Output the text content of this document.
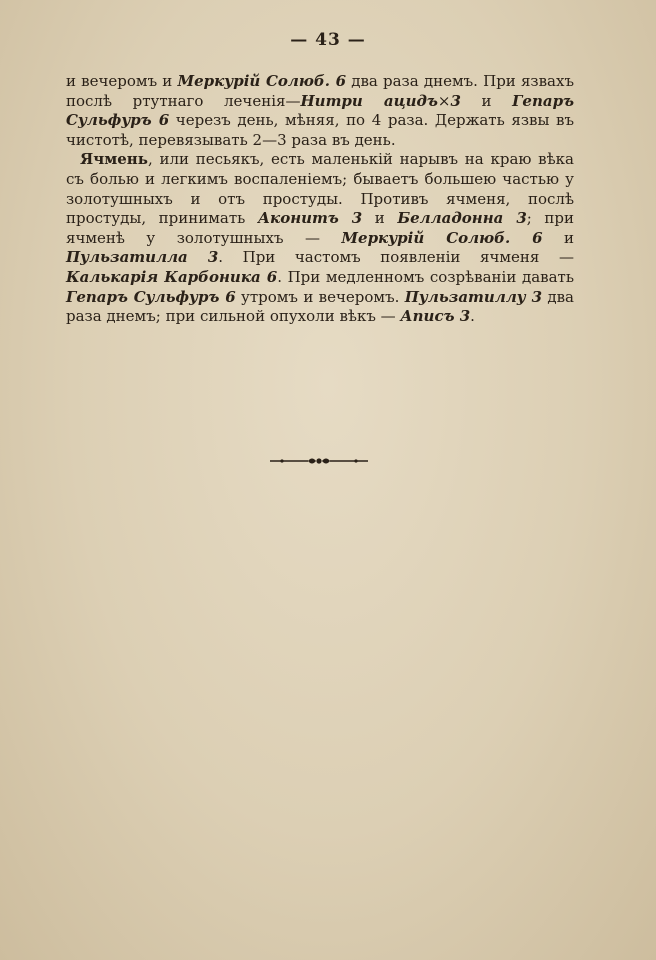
— 43 —

и вечеромъ и Меркурій Солюб. 6 два раза днемъ. При язвахъ послѣ ртутнаго леченія—Нитри ацидъ×3 и Гепаръ Сульфуръ 6 черезъ день, мѣняя, по 4 раза. Держать язвы въ чистотѣ, перевязывать 2—3 раза въ день.

Ячмень, или песьякъ, есть маленькій нарывъ на краю вѣка съ болью и легкимъ воспаленіемъ; бываетъ большею частью у золотушныхъ и отъ простуды. Противъ ячменя, послѣ простуды, принимать Аконитъ 3 и Белладонна 3; при ячменѣ у золотушныхъ — Меркурій Солюб. 6 и Пульзатилла 3. При частомъ появленіи ячменя — Калькарія Карбоника 6. При медленномъ созрѣваніи давать Гепаръ Сульфуръ 6 утромъ и вечеромъ. Пульзатиллу 3 два раза днемъ; при сильной опухоли вѣкъ — Аписъ 3.
